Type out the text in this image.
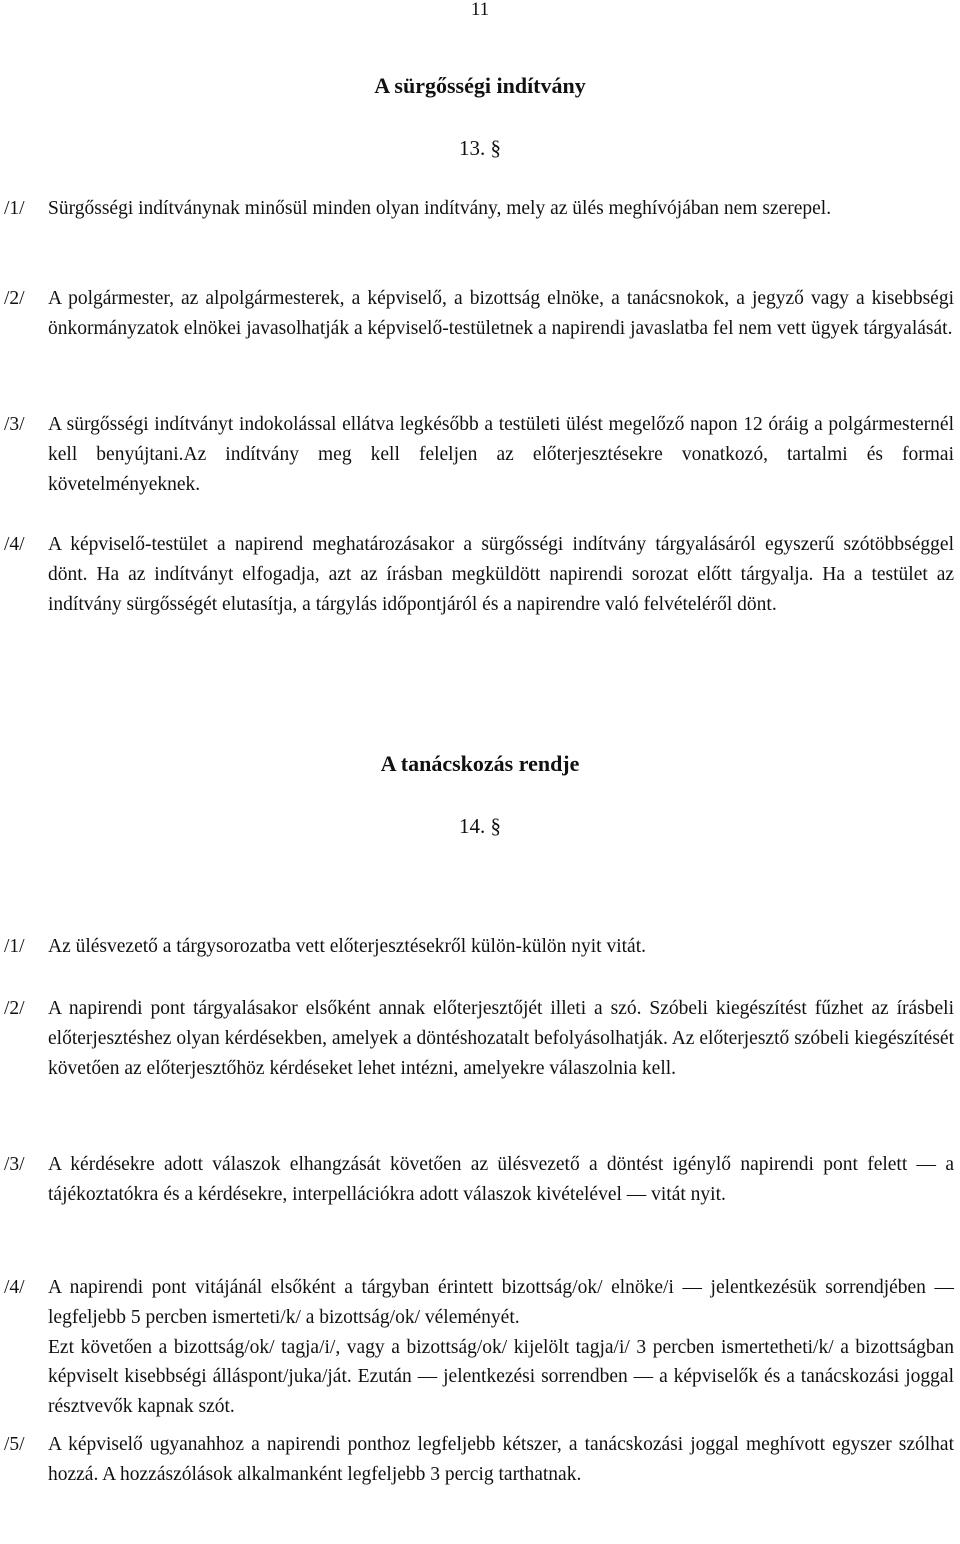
11
A sürgősségi indítvány
13. §
/1/	Sürgősségi indítványnak minősül minden olyan indítvány, mely az ülés meghívójában nem szerepel.
/2/	A polgármester, az alpolgármesterek, a képviselő, a bizottság elnöke, a tanácsnokok, a jegyző vagy a kisebbségi önkormányzatok elnökei javasolhatják a képviselő-testületnek a napirendi javaslatba fel nem vett ügyek tárgyalását.
/3/	A sürgősségi indítványt indokolással ellátva legkésőbb a testületi ülést megelőző napon 12 óráig a polgármesternél kell benyújtani.Az indítvány meg kell feleljen az előterjesztésekre vonatkozó, tartalmi és formai követelményeknek.
/4/	A képviselő-testület a napirend meghatározásakor a sürgősségi indítvány tárgyalásáról egyszerű szótöbbséggel dönt. Ha az indítványt elfogadja, azt az írásban megküldött napirendi sorozat előtt tárgyalja. Ha a testület az indítvány sürgősségét elutasítja, a tárgylás időpontjáról és a napirendre való felvételéről dönt.
A tanácskozás rendje
14. §
/1/	Az ülésvezető a tárgysorozatba vett előterjesztésekről külön-külön nyit vitát.
/2/	A napirendi pont tárgyalásakor elsőként annak előterjesztőjét illeti a szó. Szóbeli kiegészítést fűzhet az írásbeli előterjesztéshez olyan kérdésekben, amelyek a döntéshozatalt befolyásolhatják. Az előterjesztő szóbeli kiegészítését követően az előterjesztőhöz kérdéseket lehet intézni, amelyekre válaszolnia kell.
/3/	A kérdésekre adott válaszok elhangzását követően az ülésvezető a döntést igénylő napirendi pont felett — a tájékoztatókra és a kérdésekre, interpellációkra adott válaszok kivételével — vitát nyit.
/4/	A napirendi pont vitájánál elsőként a tárgyban érintett bizottság/ok/ elnöke/i — jelentkezésük sorrendjében — legfeljebb 5 percben ismerteti/k/ a bizottság/ok/ véleményét.
Ezt követően a bizottság/ok/ tagja/i/, vagy a bizottság/ok/ kijelölt tagja/i/ 3 percben ismertetheti/k/ a bizottságban képviselt kisebbségi álláspont/juka/ját. Ezután — jelentkezési sorrendben — a képviselők és a tanácskozási joggal résztvevők kapnak szót.
/5/	A képviselő ugyanahhoz a napirendi ponthoz legfeljebb kétszer, a tanácskozási joggal meghívott egyszer szólhat hozzá. A hozzászólások alkalmanként legfeljebb 3 percig tarthatnak.
